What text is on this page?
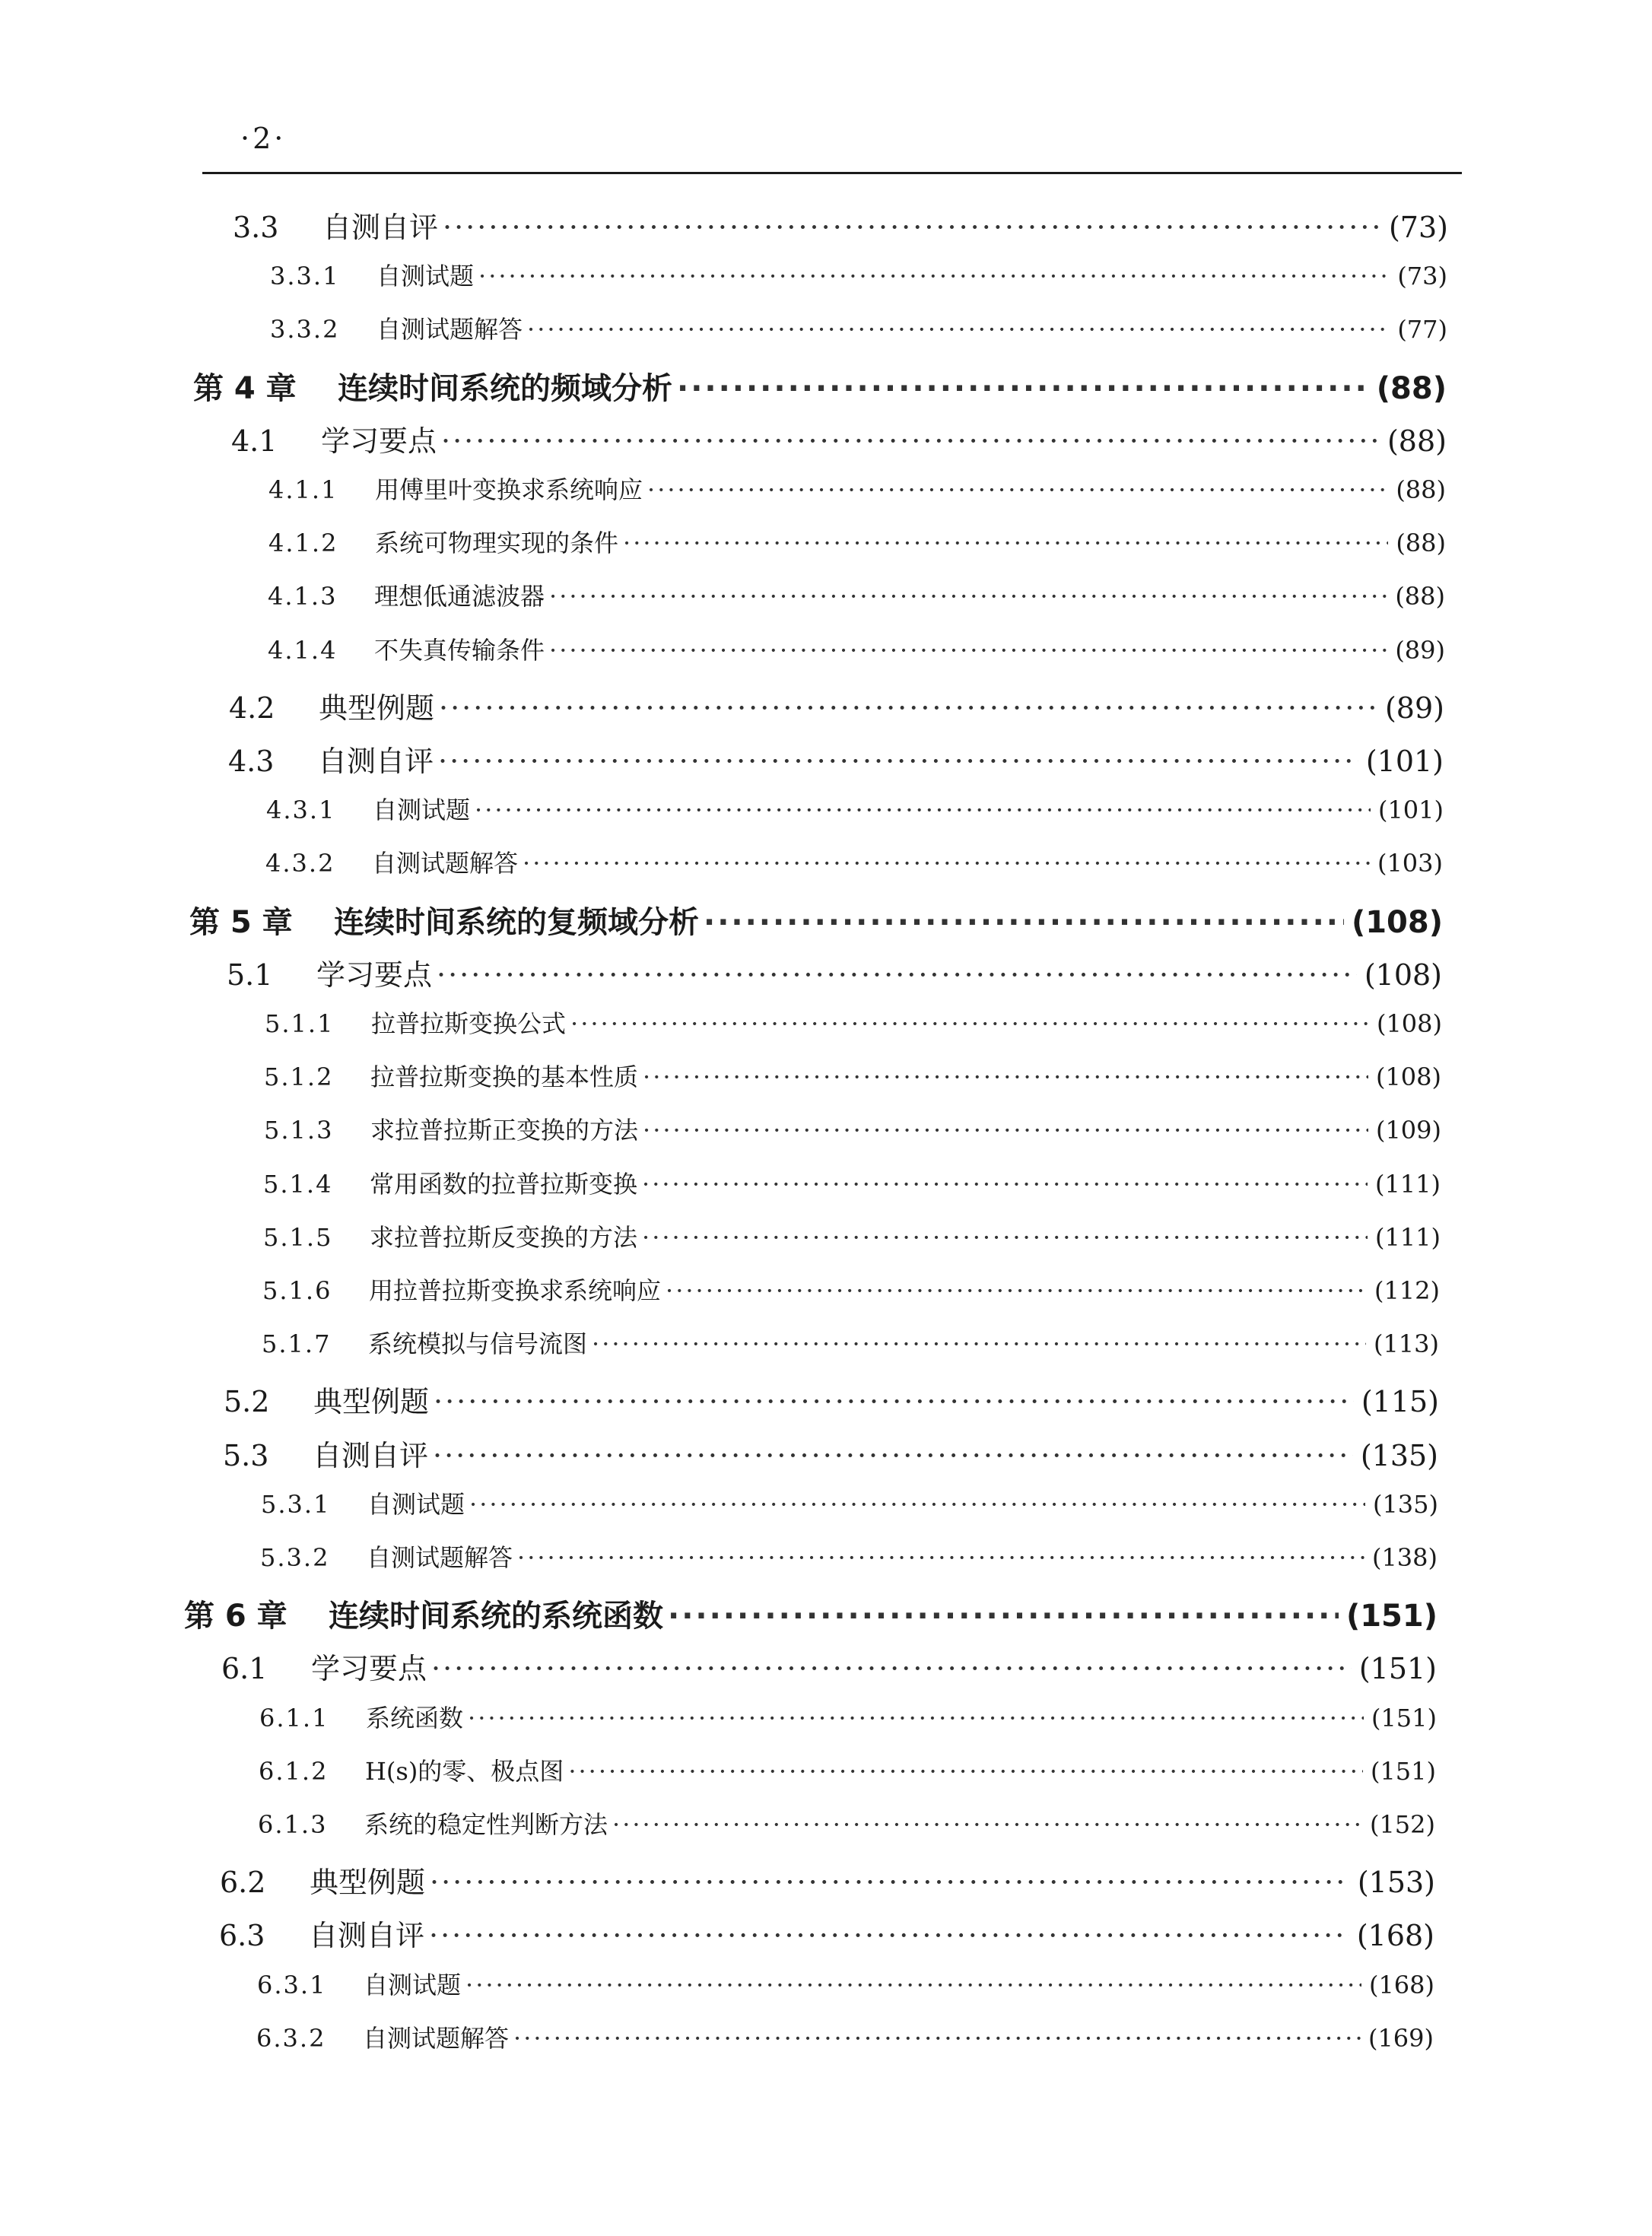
·2·
3.3	自测自评 ·····	(73)
3.3.1	自测试题 ·····	(73)
3.3.2	自测试题解答 ·····	(77)
第 4 章	连续时间系统的频域分析 ·····	(88)
4.1	学习要点 ·····	(88)
4.1.1	用傅里叶变换求系统响应 ·····	(88)
4.1.2	系统可物理实现的条件 ·····	(88)
4.1.3	理想低通滤波器 ·····	(88)
4.1.4	不失真传输条件 ·····	(89)
4.2	典型例题 ·····	(89)
4.3	自测自评 ·····	(101)
4.3.1	自测试题 ·····	(101)
4.3.2	自测试题解答 ·····	(103)
第 5 章	连续时间系统的复频域分析 ·····	(108)
5.1	学习要点 ·····	(108)
5.1.1	拉普拉斯变换公式 ·····	(108)
5.1.2	拉普拉斯变换的基本性质 ·····	(108)
5.1.3	求拉普拉斯正变换的方法 ·····	(109)
5.1.4	常用函数的拉普拉斯变换 ·····	(111)
5.1.5	求拉普拉斯反变换的方法 ·····	(111)
5.1.6	用拉普拉斯变换求系统响应 ·····	(112)
5.1.7	系统模拟与信号流图 ·····	(113)
5.2	典型例题 ·····	(115)
5.3	自测自评 ·····	(135)
5.3.1	自测试题 ·····	(135)
5.3.2	自测试题解答 ·····	(138)
第 6 章	连续时间系统的系统函数 ·····	(151)
6.1	学习要点 ·····	(151)
6.1.1	系统函数 ·····	(151)
6.1.2	H(s)的零、极点图 ·····	(151)
6.1.3	系统的稳定性判断方法 ·····	(152)
6.2	典型例题 ·····	(153)
6.3	自测自评 ·····	(168)
6.3.1	自测试题 ·····	(168)
6.3.2	自测试题解答 ·····	(169)
